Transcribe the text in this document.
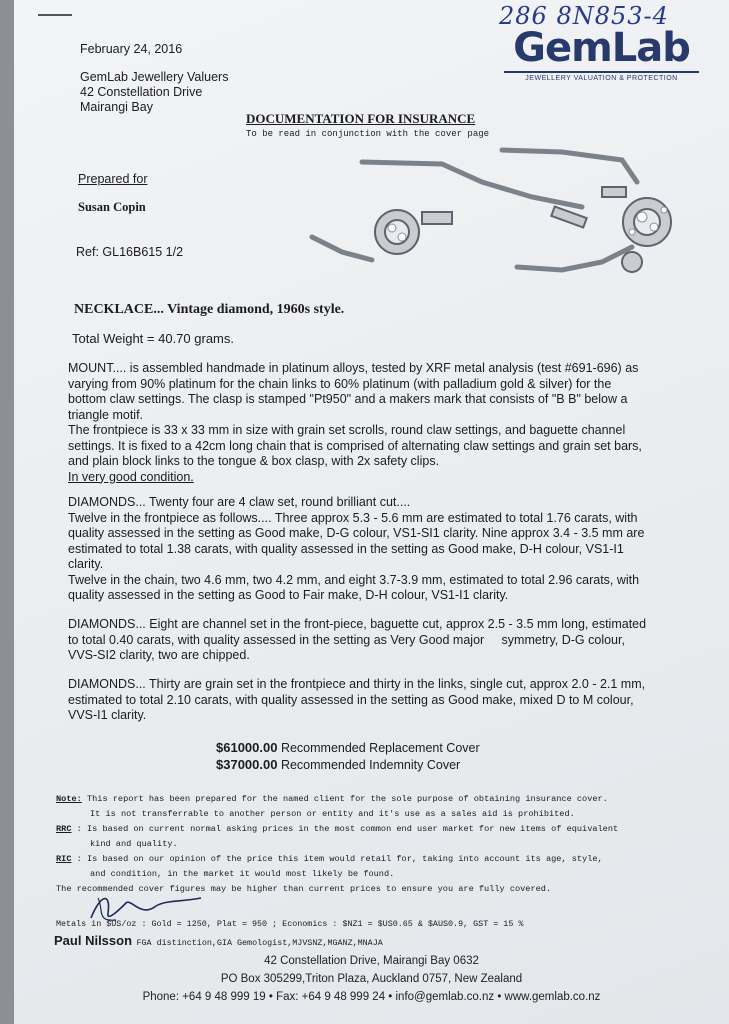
286 8N853-4
GemLab
JEWELLERY VALUATION & PROTECTION
February 24, 2016
GemLab Jewellery Valuers
42 Constellation Drive
Mairangi Bay
DOCUMENTATION FOR INSURANCE
To be read in conjunction with the cover page
Prepared for
Susan Copin
Ref: GL16B615 1/2
NECKLACE... Vintage diamond, 1960s style.
Total Weight = 40.70 grams.
MOUNT.... is assembled handmade in platinum alloys, tested by XRF metal analysis (test #691-696) as
varying from 90% platinum for the chain links to 60% platinum (with palladium gold & silver) for the
bottom claw settings. The clasp is stamped "Pt950" and a makers mark that consists of "B B" below a
triangle motif.
The frontpiece is 33 x 33 mm in size with grain set scrolls, round claw settings, and baguette channel
settings. It is fixed to a 42cm long chain that is comprised of alternating claw settings and grain set bars,
and plain block links to the tongue & box clasp, with 2x safety clips.
In very good condition.
DIAMONDS... Twenty four are 4 claw set, round brilliant cut....
Twelve in the frontpiece as follows.... Three approx 5.3 - 5.6 mm are estimated to total 1.76 carats, with
quality assessed in the setting as Good make, D-G colour, VS1-SI1 clarity. Nine approx 3.4 - 3.5 mm are
estimated to total 1.38 carats, with quality assessed in the setting as Good make, D-H colour, VS1-I1
clarity.
Twelve in the chain, two 4.6 mm, two 4.2 mm, and eight 3.7-3.9 mm, estimated to total 2.96 carats, with
quality assessed in the setting as Good to Fair make, D-H colour, VS1-I1 clarity.
DIAMONDS... Eight are channel set in the front-piece, baguette cut, approx 2.5 - 3.5 mm long, estimated
to total 0.40 carats, with quality assessed in the setting as Very Good major     symmetry, D-G colour,
VVS-SI2 clarity, two are chipped.
DIAMONDS... Thirty are grain set in the frontpiece and thirty in the links, single cut, approx 2.0 - 2.1 mm,
estimated to total 2.10 carats, with quality assessed in the setting as Good make, mixed D to M colour,
VVS-I1 clarity.
$61000.00 Recommended Replacement Cover
$37000.00 Recommended Indemnity Cover
Note: This report has been prepared for the named client for the sole purpose of obtaining insurance cover.
It is not transferrable to another person or entity and it's use as a sales aid is prohibited.
RRC : Is based on current normal asking prices in the most common end user market for new items of equivalent
kind and quality.
RIC : Is based on our opinion of the price this item would retail for, taking into account its age, style,
and condition, in the market it would most likely be found.
The recommended cover figures may be higher than current prices to ensure you are fully covered.
Metals in $US/oz : Gold = 1250, Plat = 950 ; Economics : $NZ1 = $US0.65 & $AUS0.9, GST = 15 %
Paul Nilsson FGA distinction,GIA Gemologist,MJVSNZ,MGANZ,MNAJA
42 Constellation Drive, Mairangi Bay 0632
PO Box 305299,Triton Plaza, Auckland 0757, New Zealand
Phone: +64 9 48 999 19 • Fax: +64 9 48 999 24 • info@gemlab.co.nz • www.gemlab.co.nz
